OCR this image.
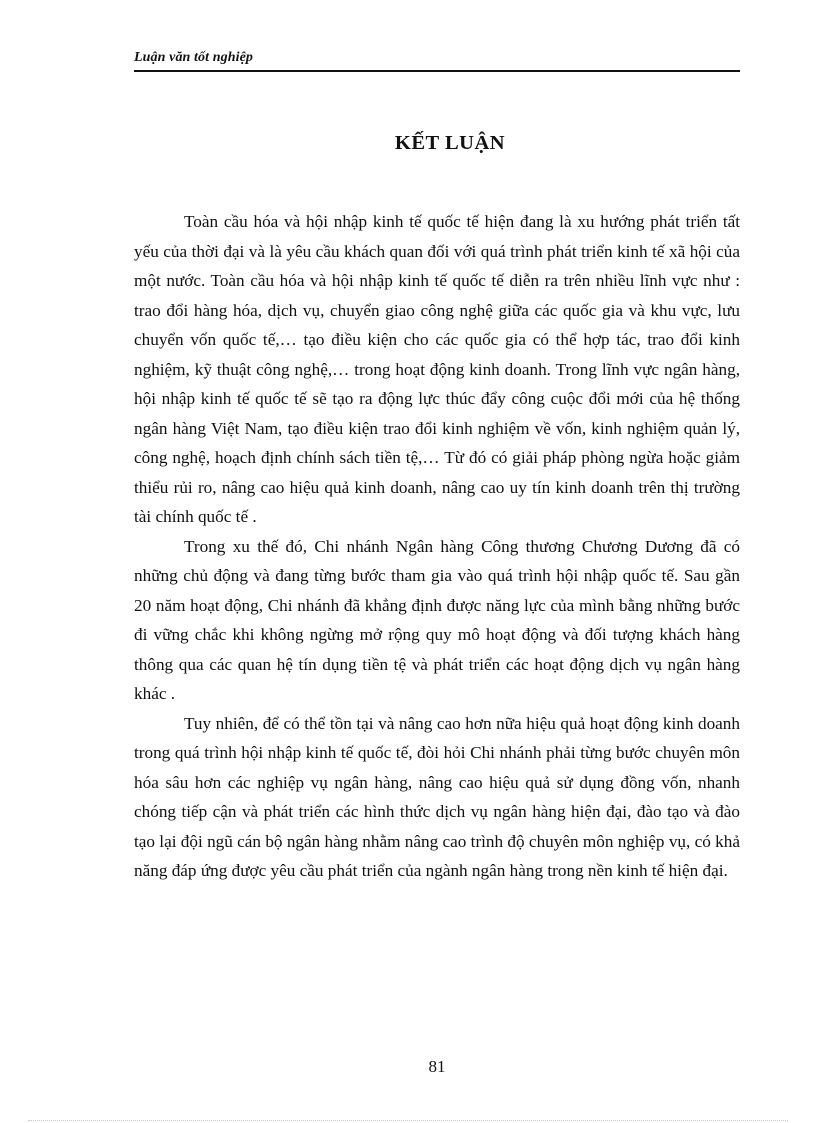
Luận văn tốt nghiệp
KẾT LUẬN

Toàn cầu hóa và hội nhập kinh tế quốc tế hiện đang là xu hướng phát triển tất yếu của thời đại và là yêu cầu khách quan đối với quá trình phát triển kinh tế xã hội của một nước. Toàn cầu hóa và hội nhập kinh tế quốc tế diễn ra trên nhiều lĩnh vực như : trao đổi hàng hóa, dịch vụ, chuyển giao công nghệ giữa các quốc gia và khu vực, lưu chuyển vốn quốc tế,… tạo điều kiện cho các quốc gia có thể hợp tác, trao đổi kinh nghiệm, kỹ thuật công nghệ,… trong hoạt động kinh doanh. Trong lĩnh vực ngân hàng, hội nhập kinh tế quốc tế sẽ tạo ra động lực thúc đẩy công cuộc đổi mới của hệ thống ngân hàng Việt Nam, tạo điều kiện trao đổi kinh nghiệm về vốn, kinh nghiệm quản lý, công nghệ, hoạch định chính sách tiền tệ,… Từ đó có giải pháp phòng ngừa hoặc giảm thiểu rủi ro, nâng cao hiệu quả kinh doanh, nâng cao uy tín kinh doanh trên thị trường tài chính quốc tế .

Trong xu thế đó, Chi nhánh Ngân hàng Công thương Chương Dương đã có những chủ động và đang từng bước tham gia vào quá trình hội nhập quốc tế. Sau gần 20 năm hoạt động, Chi nhánh đã khẳng định được năng lực của mình bằng những bước đi vững chắc khi không ngừng mở rộng quy mô hoạt động và đối tượng khách hàng thông qua các quan hệ tín dụng tiền tệ và phát triển các hoạt động dịch vụ ngân hàng khác .

Tuy nhiên, để có thể tồn tại và nâng cao hơn nữa hiệu quả hoạt động kinh doanh trong quá trình hội nhập kinh tế quốc tế, đòi hỏi Chi nhánh phải từng bước chuyên môn hóa sâu hơn các nghiệp vụ ngân hàng, nâng cao hiệu quả sử dụng đồng vốn, nhanh chóng tiếp cận và phát triển các hình thức dịch vụ ngân hàng hiện đại, đào tạo và đào tạo lại đội ngũ cán bộ ngân hàng nhằm nâng cao trình độ chuyên môn nghiệp vụ, có khả năng đáp ứng được yêu cầu phát triển của ngành ngân hàng trong nền kinh tế hiện đại.

81
